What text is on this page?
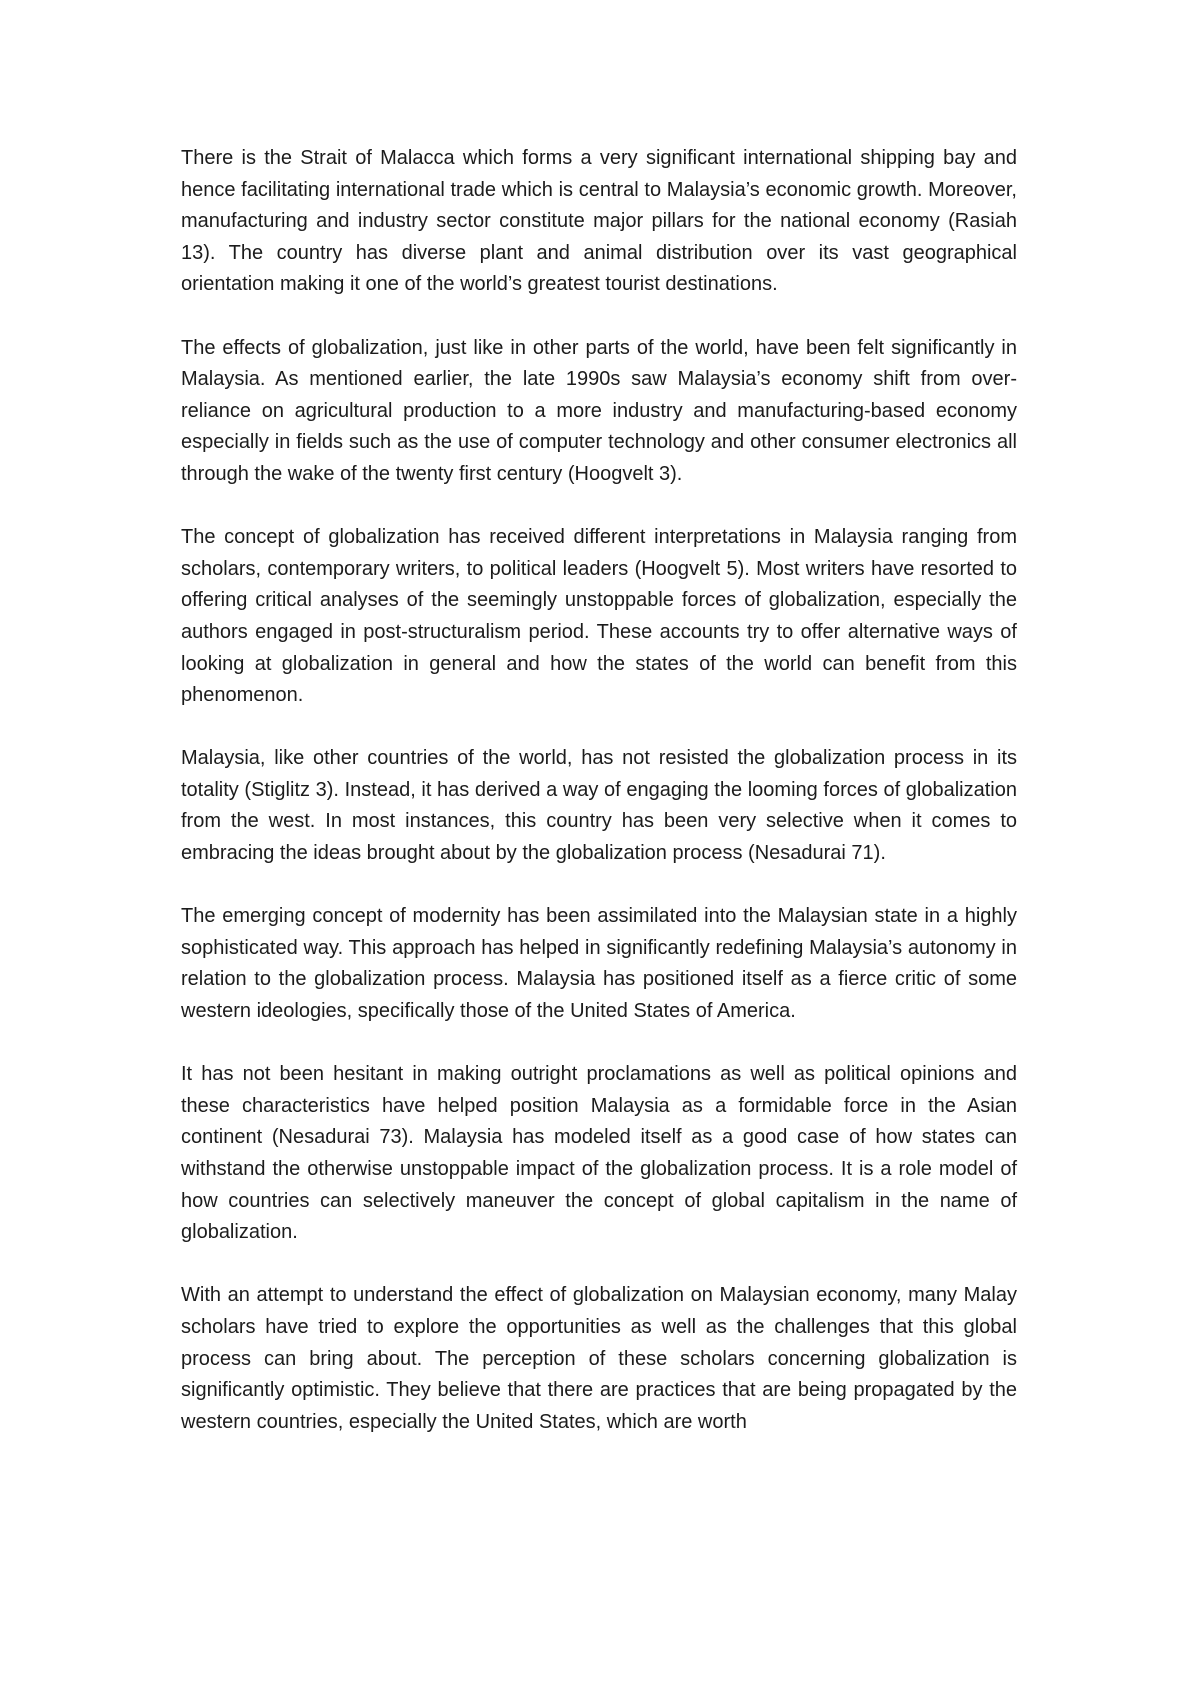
There is the Strait of Malacca which forms a very significant international shipping bay and hence facilitating international trade which is central to Malaysia’s economic growth. Moreover, manufacturing and industry sector constitute major pillars for the national economy (Rasiah 13). The country has diverse plant and animal distribution over its vast geographical orientation making it one of the world’s greatest tourist destinations.

The effects of globalization, just like in other parts of the world, have been felt significantly in Malaysia. As mentioned earlier, the late 1990s saw Malaysia’s economy shift from over-reliance on agricultural production to a more industry and manufacturing-based economy especially in fields such as the use of computer technology and other consumer electronics all through the wake of the twenty first century (Hoogvelt 3).

The concept of globalization has received different interpretations in Malaysia ranging from scholars, contemporary writers, to political leaders (Hoogvelt 5). Most writers have resorted to offering critical analyses of the seemingly unstoppable forces of globalization, especially the authors engaged in post-structuralism period. These accounts try to offer alternative ways of looking at globalization in general and how the states of the world can benefit from this phenomenon.

Malaysia, like other countries of the world, has not resisted the globalization process in its totality (Stiglitz 3). Instead, it has derived a way of engaging the looming forces of globalization from the west. In most instances, this country has been very selective when it comes to embracing the ideas brought about by the globalization process (Nesadurai 71).

The emerging concept of modernity has been assimilated into the Malaysian state in a highly sophisticated way. This approach has helped in significantly redefining Malaysia’s autonomy in relation to the globalization process. Malaysia has positioned itself as a fierce critic of some western ideologies, specifically those of the United States of America.

It has not been hesitant in making outright proclamations as well as political opinions and these characteristics have helped position Malaysia as a formidable force in the Asian continent (Nesadurai 73). Malaysia has modeled itself as a good case of how states can withstand the otherwise unstoppable impact of the globalization process. It is a role model of how countries can selectively maneuver the concept of global capitalism in the name of globalization.

With an attempt to understand the effect of globalization on Malaysian economy, many Malay scholars have tried to explore the opportunities as well as the challenges that this global process can bring about. The perception of these scholars concerning globalization is significantly optimistic. They believe that there are practices that are being propagated by the western countries, especially the United States, which are worth
